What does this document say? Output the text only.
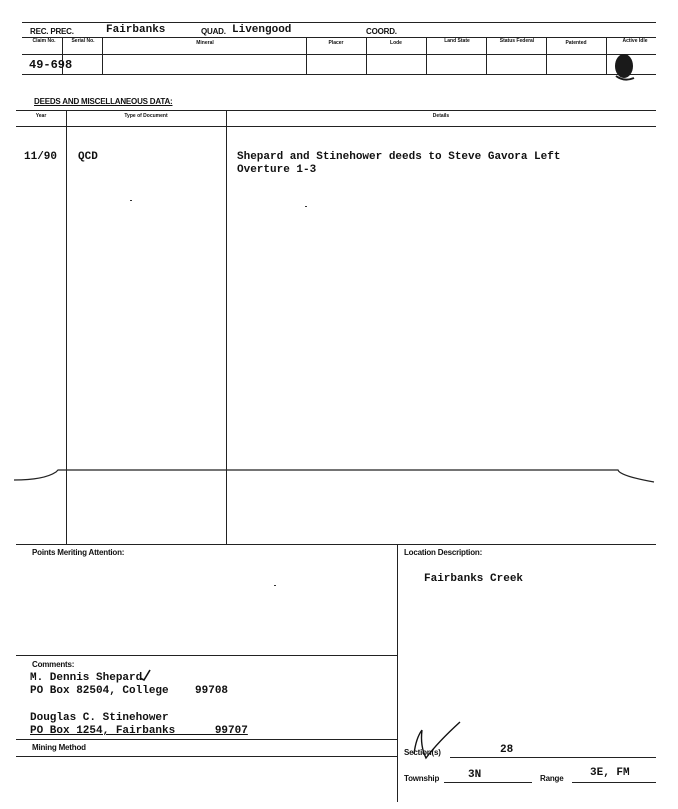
REC. PREC.	Fairbanks	QUAD. Livengood	COORD.
Claim No.	Serial No.	Mineral	Placer	Lode	Land State	Status Federal	Patented	Active Idle
49-698
DEEDS AND MISCELLANEOUS DATA:
Year	Type of Document	Details
11/90 QCD	Shepard and Stinehower deeds to Steve Gavora Left
Overture 1-3
Points Meriting Attention:	Location Description:
Fairbanks Creek
Comments:
M. Dennis Shepard
PO Box 82504, College    99708
Douglas C. Stinehower
PO Box 1254, Fairbanks      99707
Mining Method
Section(s)	28
Township	3N	Range 3E, FM
